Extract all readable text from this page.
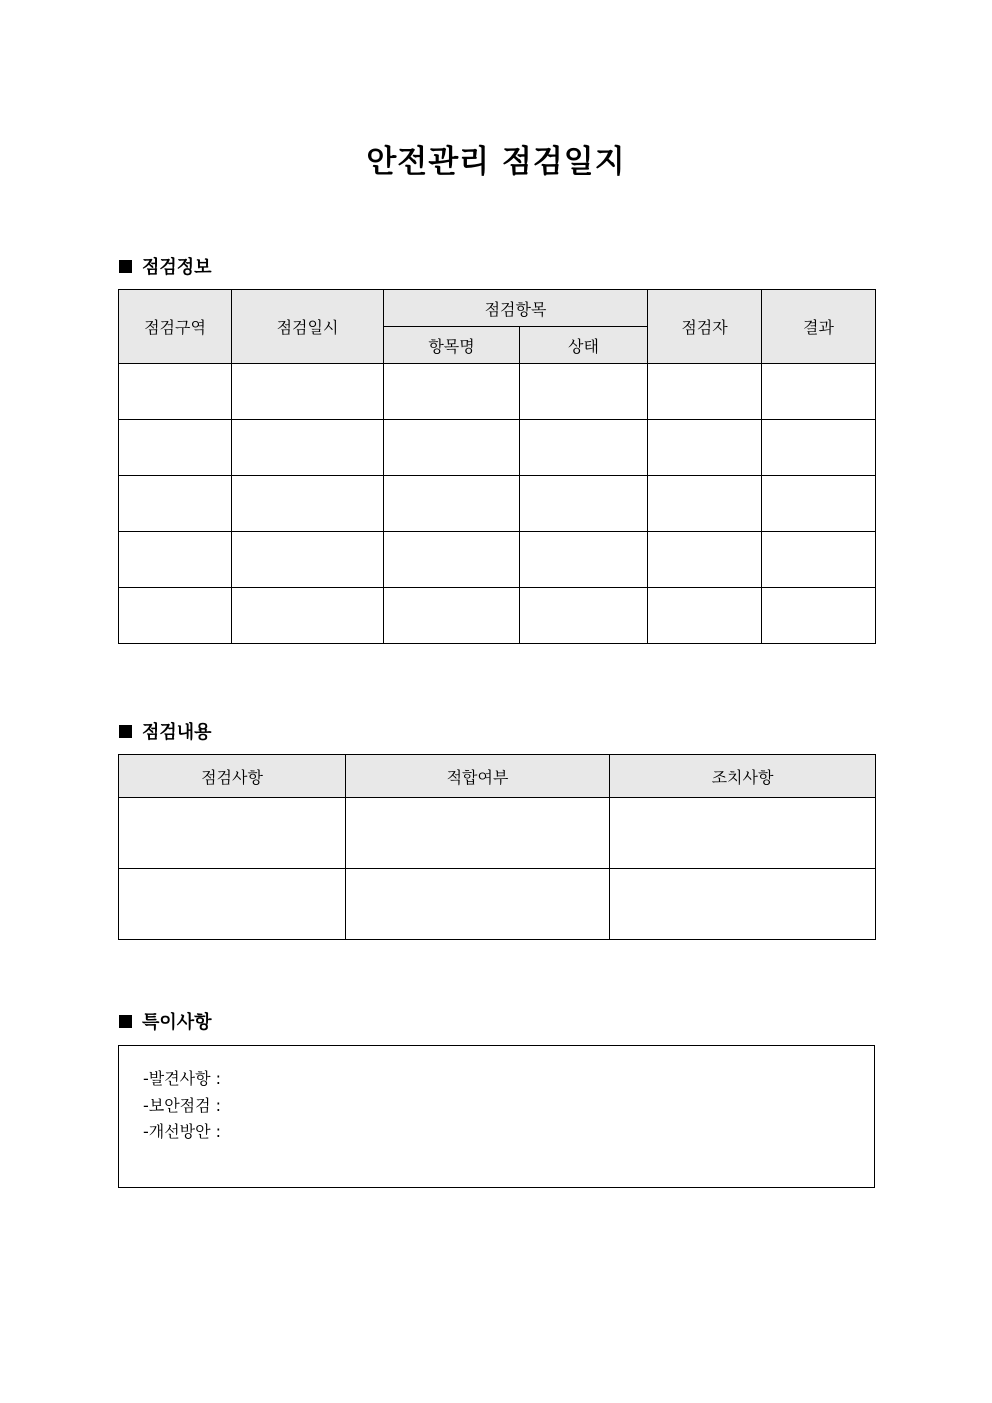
안전관리 점검일지
점검정보
점검구역	점검일시	점검항목		점검자	결과
		항목명	상태		

점검내용
점검사항	적합여부	조치사항

특이사항
-발견사항 :
-보안점검 :
-개선방안 :
